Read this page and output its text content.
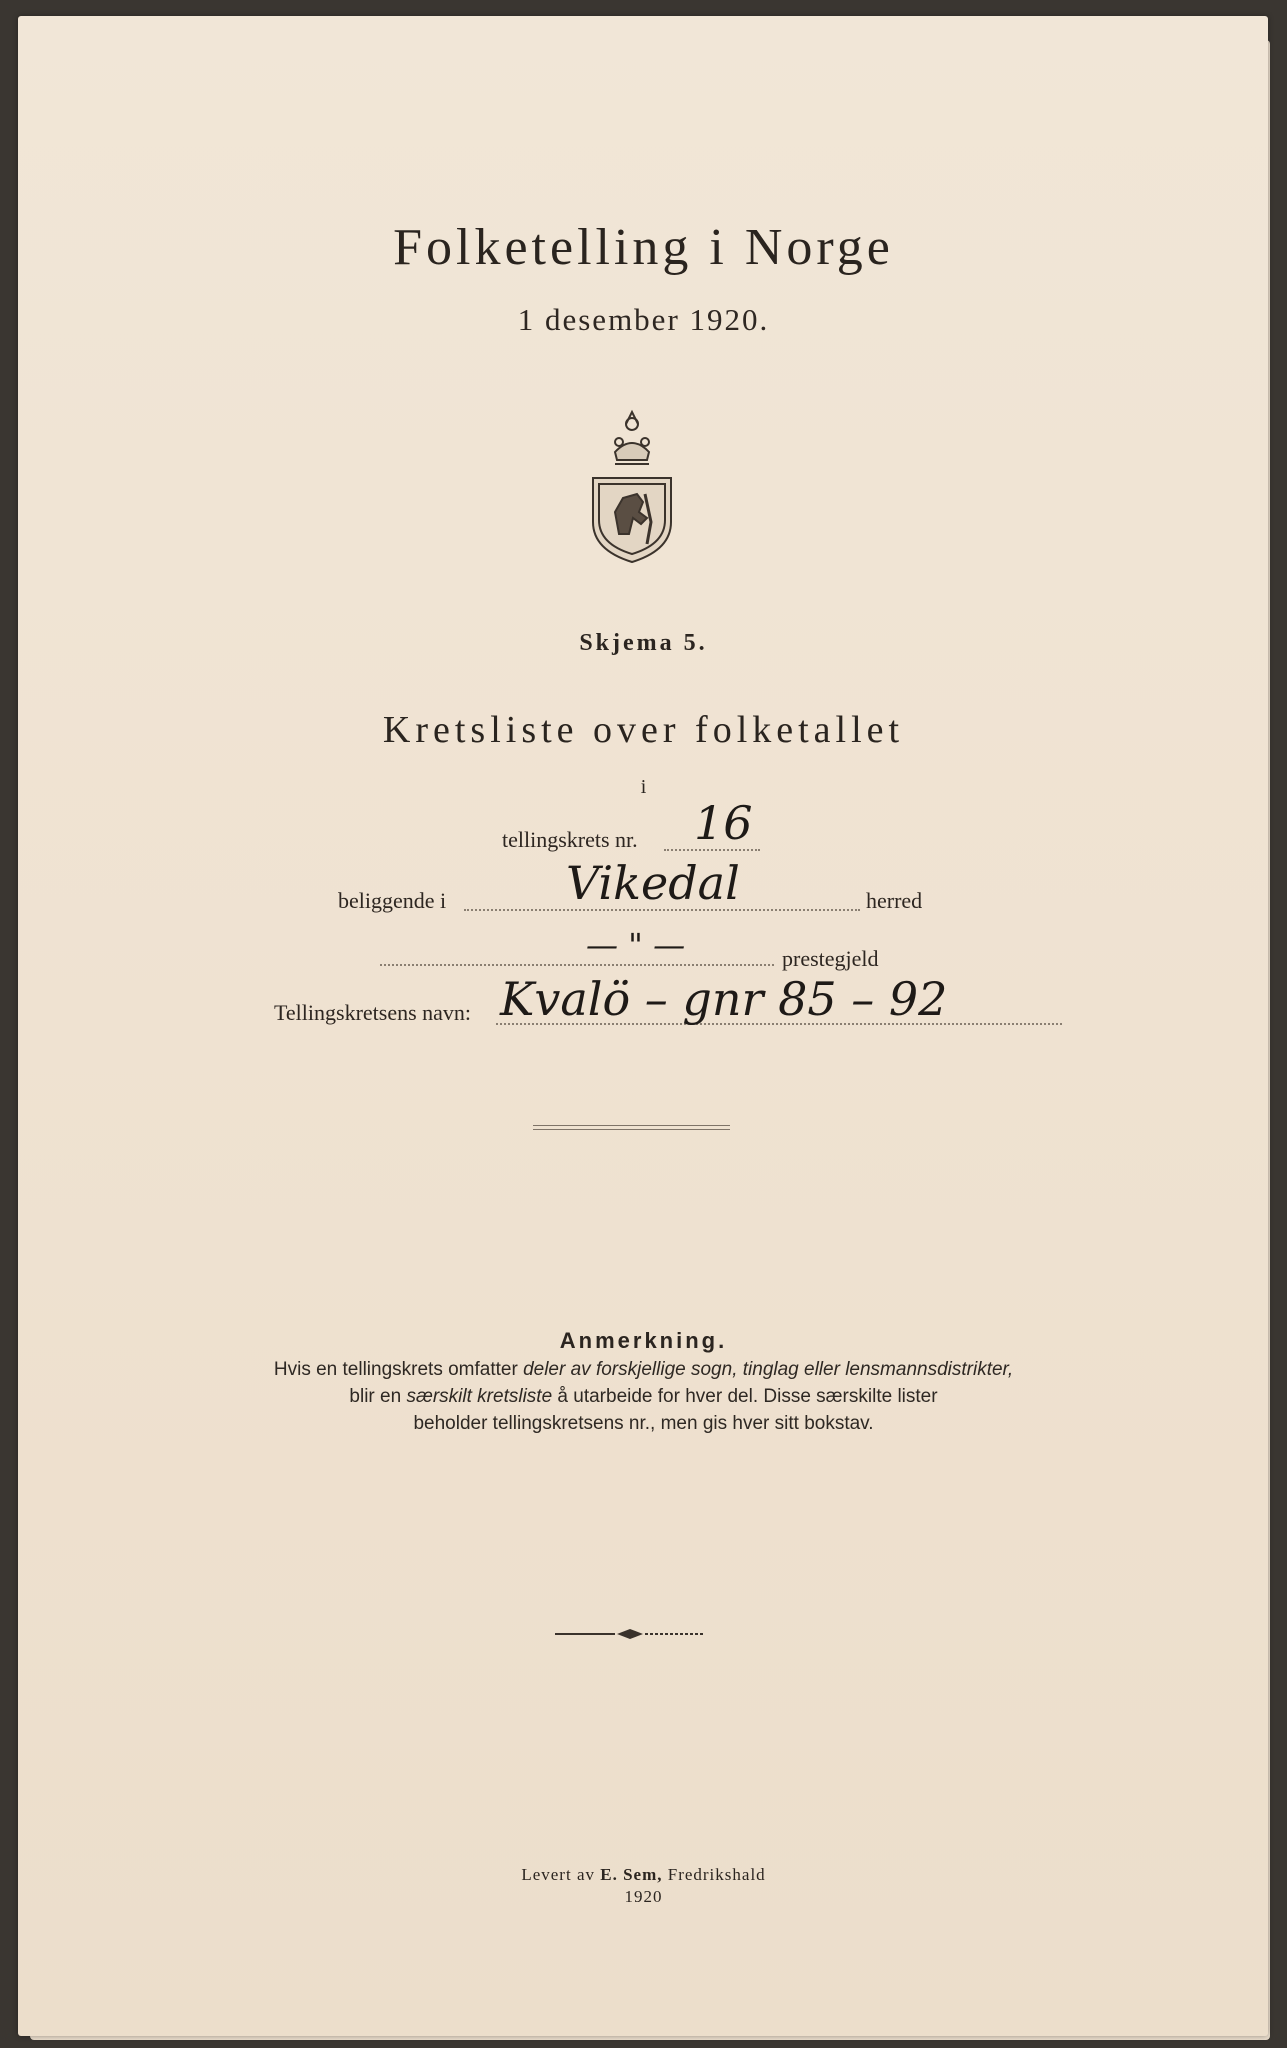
Folketelling i Norge
1 desember 1920.
Skjema 5.
Kretsliste over folketallet
i
tellingskrets nr. 16
beliggende i	Vikedal	herred
— " —	prestegjeld
Tellingskretsens navn: Kvalö – gnr 85 – 92
Anmerkning.
Hvis en tellingskrets omfatter deler av forskjellige sogn, tinglag eller lensmannsdistrikter,
blir en særskilt kretsliste å utarbeide for hver del. Disse særskilte lister
beholder tellingskretsens nr., men gis hver sitt bokstav.
Levert av E. Sem, Fredrikshald
1920
